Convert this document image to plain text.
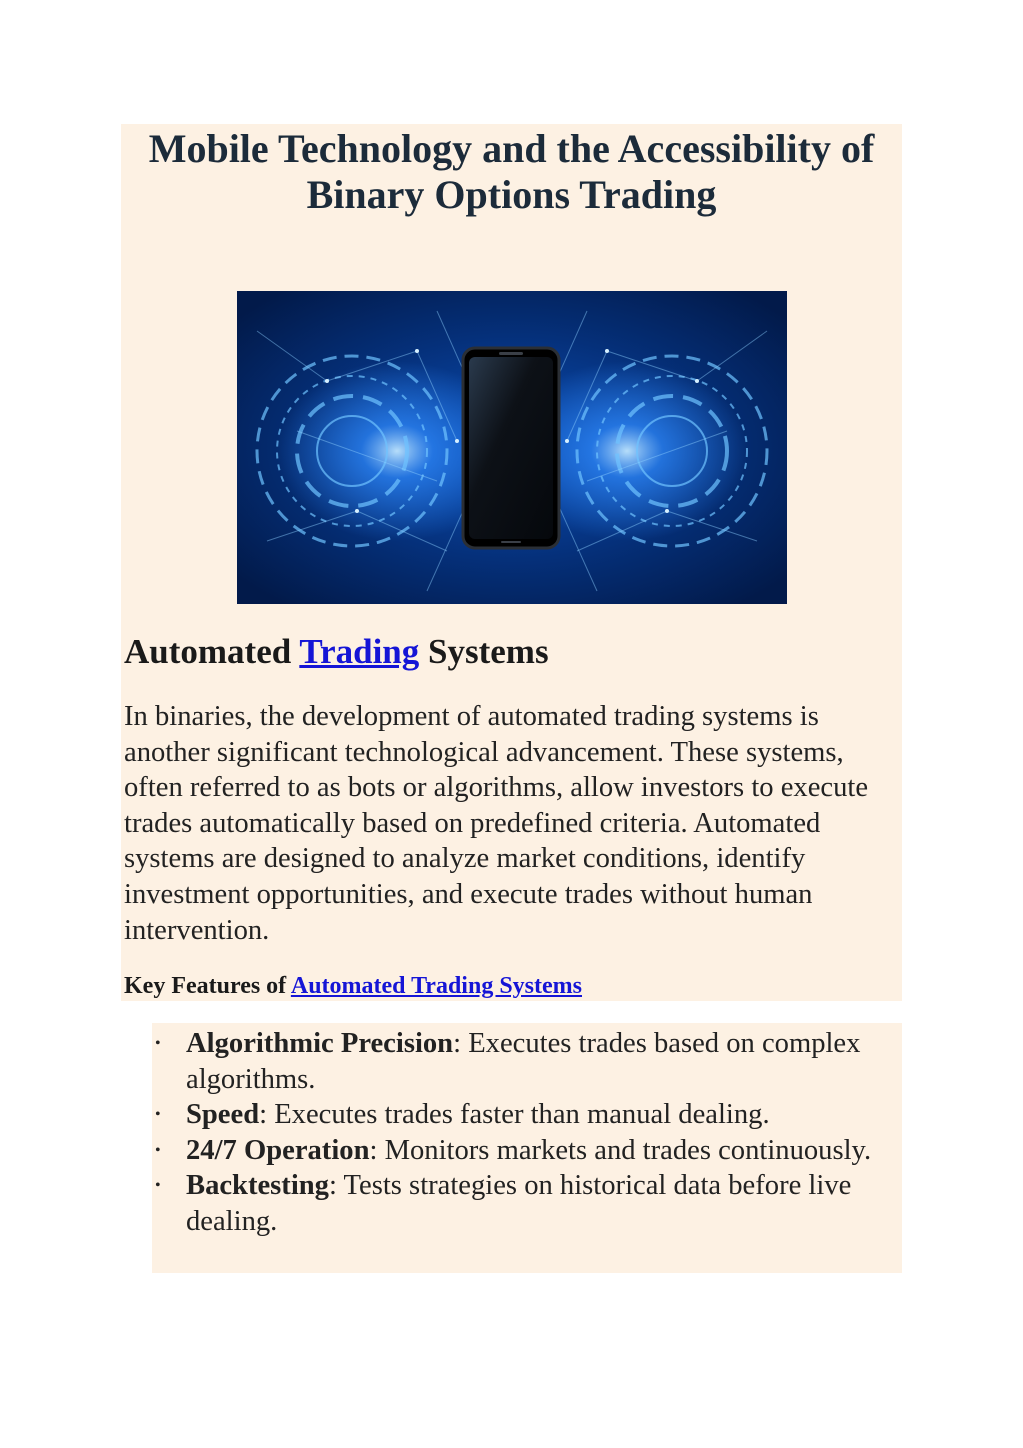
Mobile Technology and the Accessibility of Binary Options Trading
Automated Trading Systems

In binaries, the development of automated trading systems is another significant technological advancement. These systems, often referred to as bots or algorithms, allow investors to execute trades automatically based on predefined criteria. Automated systems are designed to analyze market conditions, identify investment opportunities, and execute trades without human intervention.

Key Features of Automated Trading Systems
• Algorithmic Precision: Executes trades based on complex algorithms.
• Speed: Executes trades faster than manual dealing.
• 24/7 Operation: Monitors markets and trades continuously.
• Backtesting: Tests strategies on historical data before live dealing.
